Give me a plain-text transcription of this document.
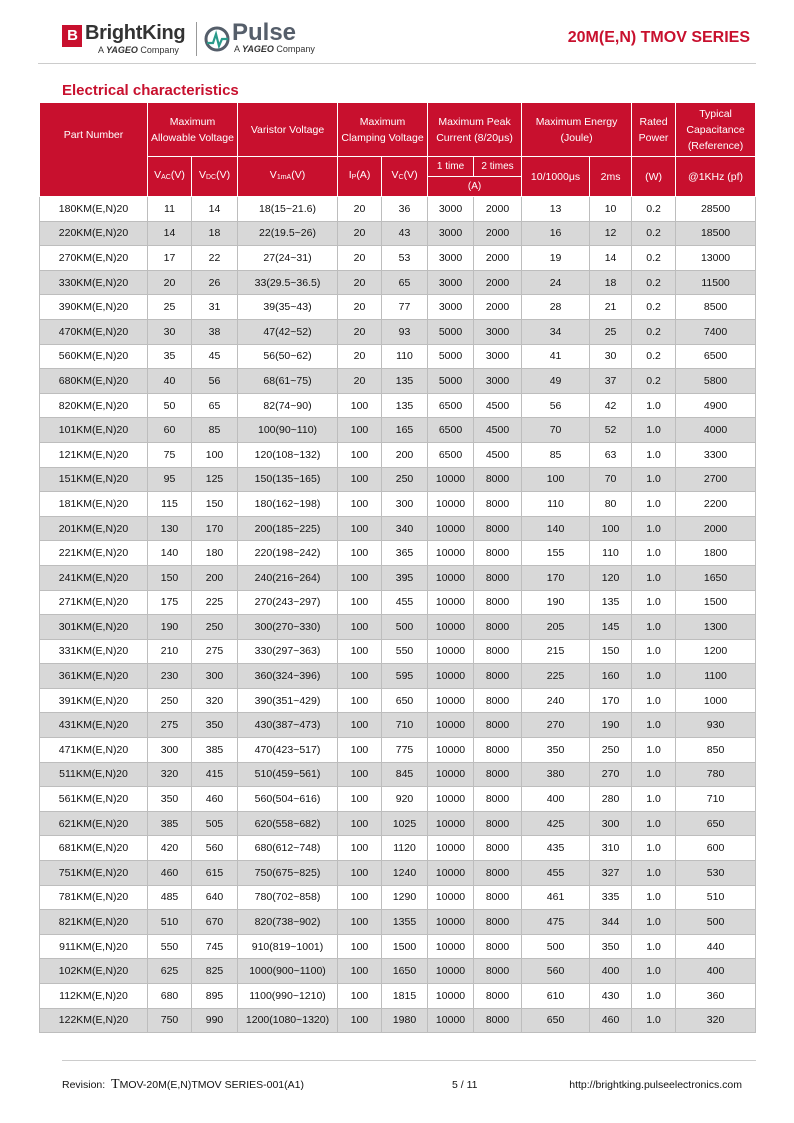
B BrightKing
A YAGEO Company
Pulse
A YAGEO Company
20M(E,N) TMOV SERIES
Electrical characteristics
Part Number	Maximum Allowable Voltage		Varistor Voltage	Maximum Clamping Voltage		Maximum Peak Current (8/20μs)		Maximum Energy (Joule)		Rated Power	Typical Capacitance (Reference)
	$V_{AC}(V)$	$V_{DC}(V)$	$V_{1mA}(V)$	$I_P(A)$	$V_C(V)$	1 time	2 times	10/1000μs	2ms	(W)	@1KHz (pf)
						(A)					
180KM(E,N)20	11	14	18(15~21.6)	20	36	3000	2000	13	10	0.2	28500
220KM(E,N)20	14	18	22(19.5~26)	20	43	3000	2000	16	12	0.2	18500
270KM(E,N)20	17	22	27(24~31)	20	53	3000	2000	19	14	0.2	13000
330KM(E,N)20	20	26	33(29.5~36.5)	20	65	3000	2000	24	18	0.2	11500
390KM(E,N)20	25	31	39(35~43)	20	77	3000	2000	28	21	0.2	8500
470KM(E,N)20	30	38	47(42~52)	20	93	5000	3000	34	25	0.2	7400
560KM(E,N)20	35	45	56(50~62)	20	110	5000	3000	41	30	0.2	6500
680KM(E,N)20	40	56	68(61~75)	20	135	5000	3000	49	37	0.2	5800
820KM(E,N)20	50	65	82(74~90)	100	135	6500	4500	56	42	1.0	4900
101KM(E,N)20	60	85	100(90~110)	100	165	6500	4500	70	52	1.0	4000
121KM(E,N)20	75	100	120(108~132)	100	200	6500	4500	85	63	1.0	3300
151KM(E,N)20	95	125	150(135~165)	100	250	10000	8000	100	70	1.0	2700
181KM(E,N)20	115	150	180(162~198)	100	300	10000	8000	110	80	1.0	2200
201KM(E,N)20	130	170	200(185~225)	100	340	10000	8000	140	100	1.0	2000
221KM(E,N)20	140	180	220(198~242)	100	365	10000	8000	155	110	1.0	1800
241KM(E,N)20	150	200	240(216~264)	100	395	10000	8000	170	120	1.0	1650
271KM(E,N)20	175	225	270(243~297)	100	455	10000	8000	190	135	1.0	1500
301KM(E,N)20	190	250	300(270~330)	100	500	10000	8000	205	145	1.0	1300
331KM(E,N)20	210	275	330(297~363)	100	550	10000	8000	215	150	1.0	1200
361KM(E,N)20	230	300	360(324~396)	100	595	10000	8000	225	160	1.0	1100
391KM(E,N)20	250	320	390(351~429)	100	650	10000	8000	240	170	1.0	1000
431KM(E,N)20	275	350	430(387~473)	100	710	10000	8000	270	190	1.0	930
471KM(E,N)20	300	385	470(423~517)	100	775	10000	8000	350	250	1.0	850
511KM(E,N)20	320	415	510(459~561)	100	845	10000	8000	380	270	1.0	780
561KM(E,N)20	350	460	560(504~616)	100	920	10000	8000	400	280	1.0	710
621KM(E,N)20	385	505	620(558~682)	100	1025	10000	8000	425	300	1.0	650
681KM(E,N)20	420	560	680(612~748)	100	1120	10000	8000	435	310	1.0	600
751KM(E,N)20	460	615	750(675~825)	100	1240	10000	8000	455	327	1.0	530
781KM(E,N)20	485	640	780(702~858)	100	1290	10000	8000	461	335	1.0	510
821KM(E,N)20	510	670	820(738~902)	100	1355	10000	8000	475	344	1.0	500
911KM(E,N)20	550	745	910(819~1001)	100	1500	10000	8000	500	350	1.0	440
102KM(E,N)20	625	825	1000(900~1100)	100	1650	10000	8000	560	400	1.0	400
112KM(E,N)20	680	895	1100(990~1210)	100	1815	10000	8000	610	430	1.0	360
122KM(E,N)20	750	990	1200(1080~1320)	100	1980	10000	8000	650	460	1.0	320
Revision: TMOV-20M(E,N)TMOV SERIES-001(A1)	5 / 11	http://brightking.pulseelectronics.com
